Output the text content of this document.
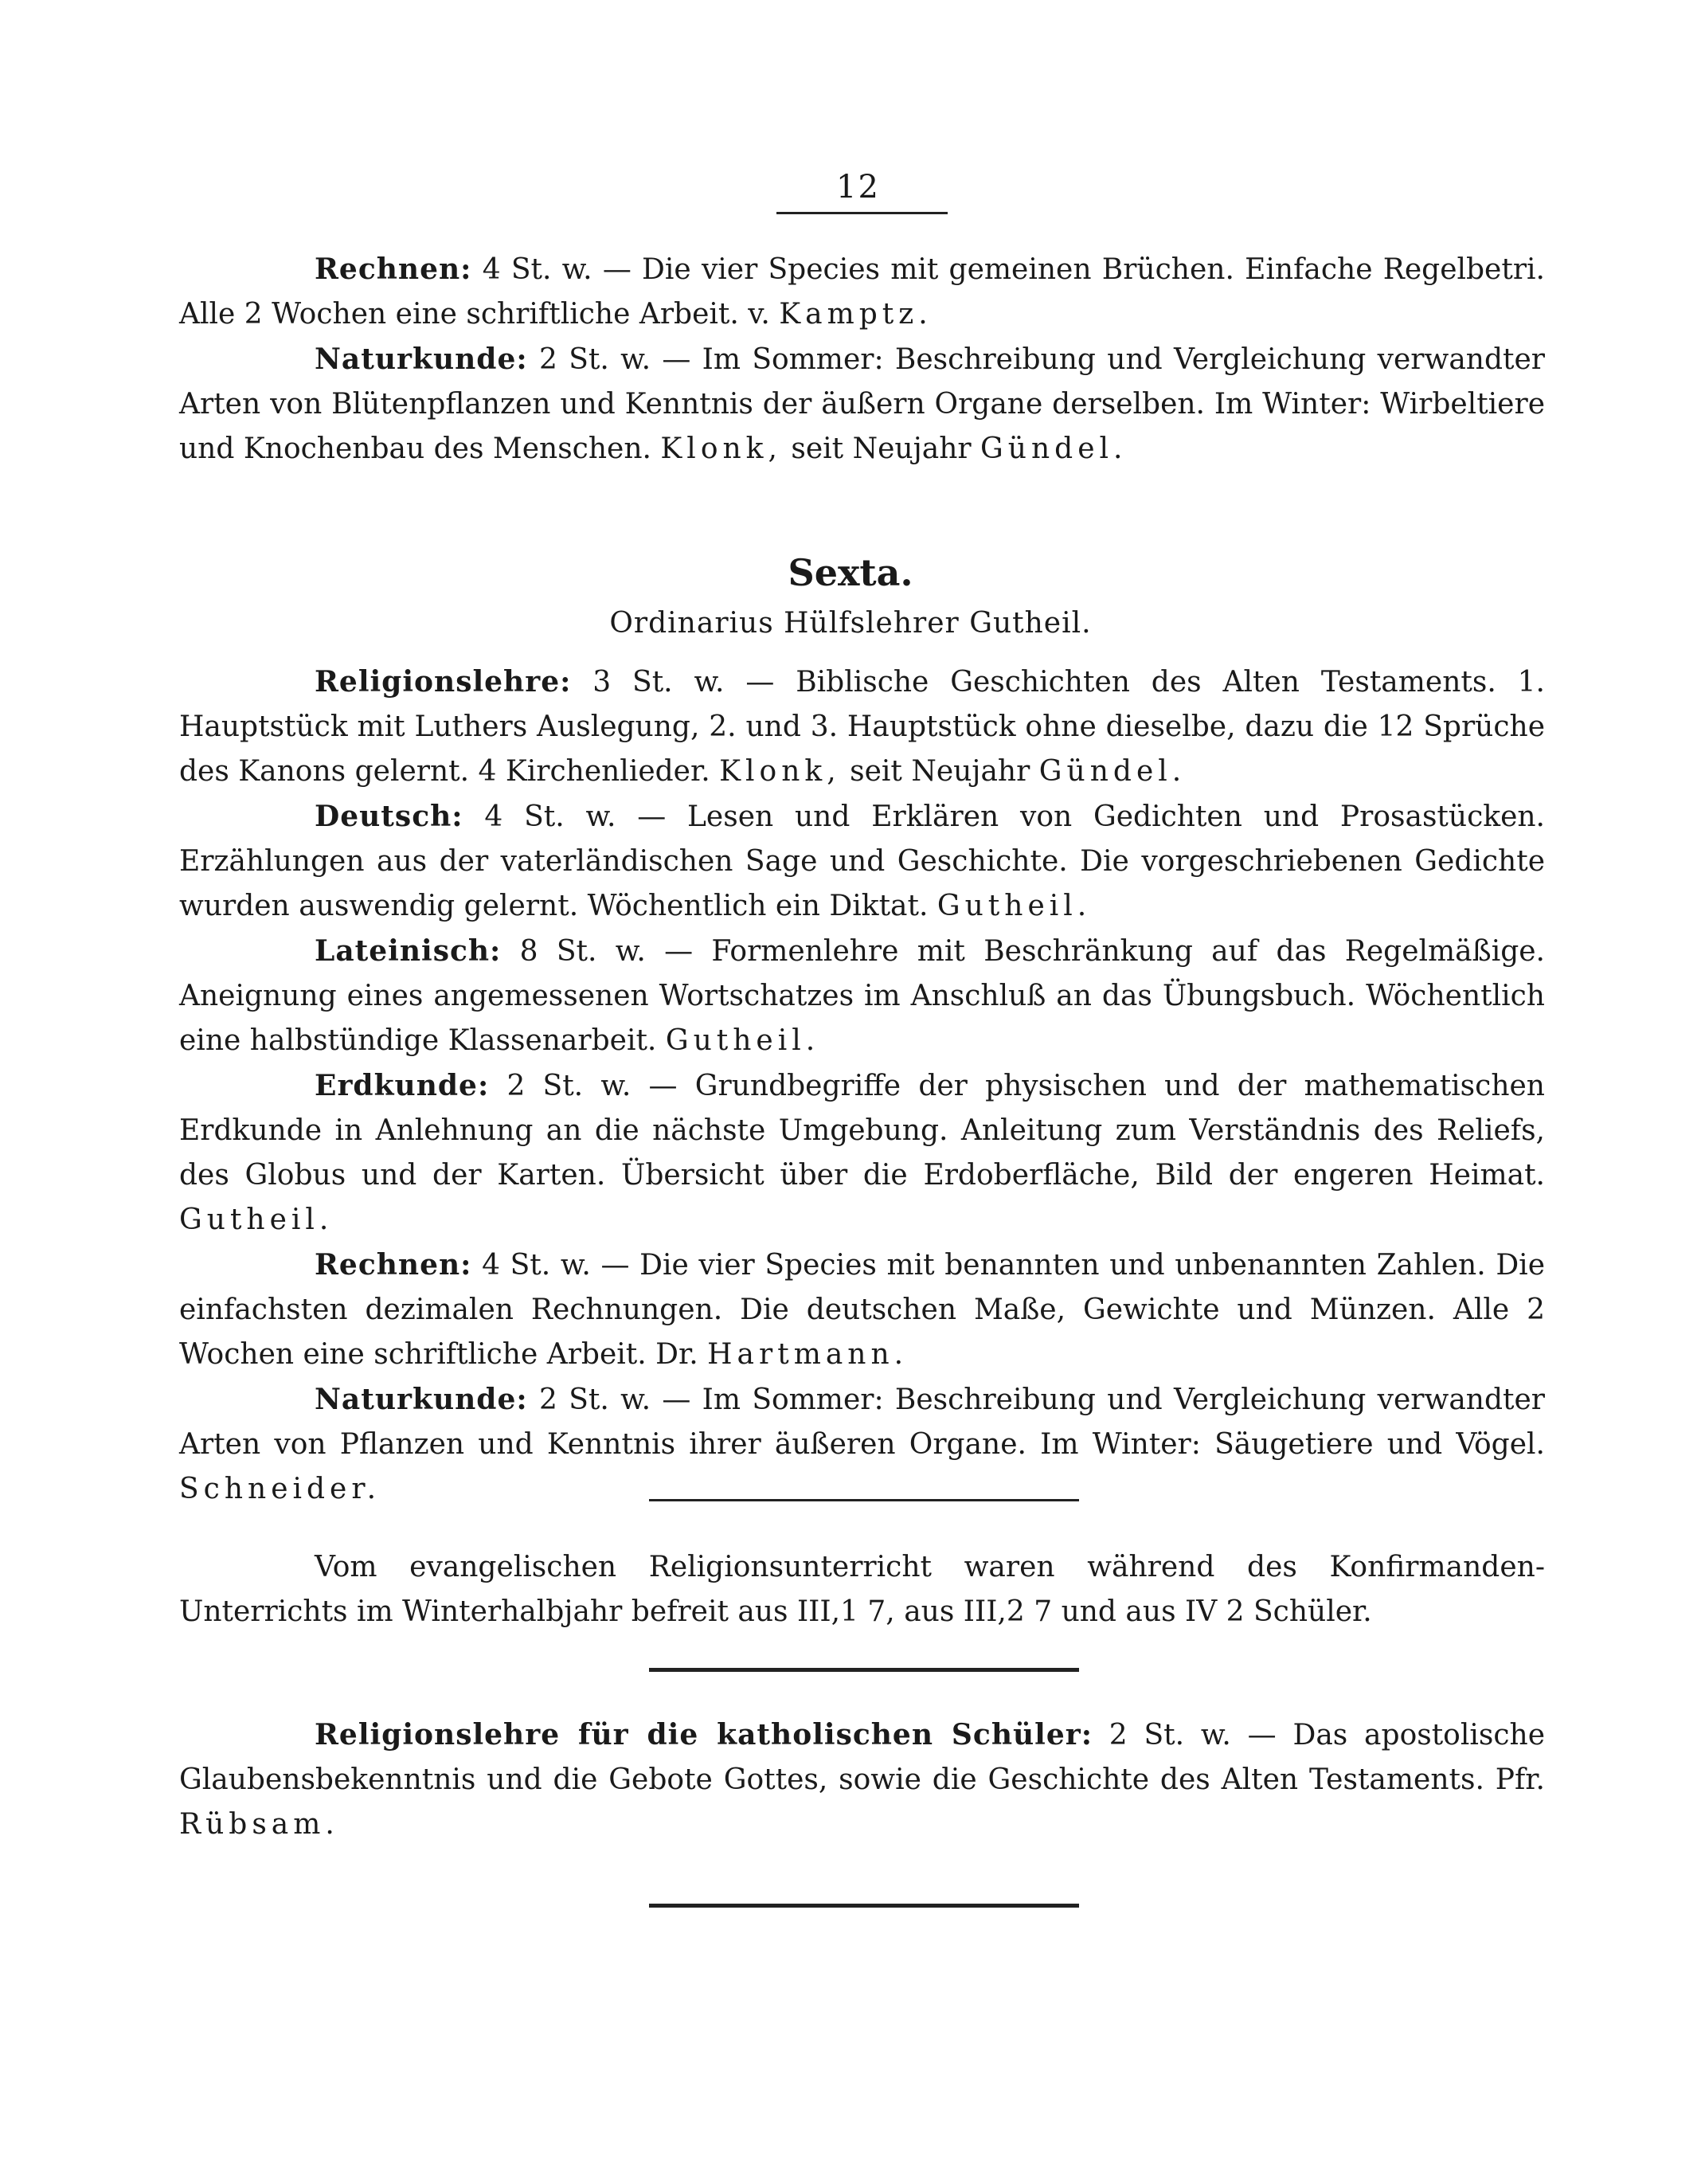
12

Rechnen: 4 St. w. — Die vier Species mit gemeinen Brüchen. Einfache Regelbetri. Alle 2 Wochen eine schriftliche Arbeit. v. Kamptz.

Naturkunde: 2 St. w. — Im Sommer: Beschreibung und Vergleichung verwandter Arten von Blütenpflanzen und Kenntnis der äußern Organe derselben. Im Winter: Wirbeltiere und Knochenbau des Menschen. Klonk, seit Neujahr Gündel.

Sexta.
Ordinarius Hülfslehrer Gutheil.

Religionslehre: 3 St. w. — Biblische Geschichten des Alten Testaments. 1. Hauptstück mit Luthers Auslegung, 2. und 3. Hauptstück ohne dieselbe, dazu die 12 Sprüche des Kanons gelernt. 4 Kirchenlieder. Klonk, seit Neujahr Gündel.

Deutsch: 4 St. w. — Lesen und Erklären von Gedichten und Prosastücken. Erzählungen aus der vaterländischen Sage und Geschichte. Die vorgeschriebenen Gedichte wurden auswendig gelernt. Wöchentlich ein Diktat. Gutheil.

Lateinisch: 8 St. w. — Formenlehre mit Beschränkung auf das Regelmäßige. Aneignung eines angemessenen Wortschatzes im Anschluß an das Übungsbuch. Wöchentlich eine halbstündige Klassenarbeit. Gutheil.

Erdkunde: 2 St. w. — Grundbegriffe der physischen und der mathematischen Erdkunde in Anlehnung an die nächste Umgebung. Anleitung zum Verständnis des Reliefs, des Globus und der Karten. Übersicht über die Erdoberfläche, Bild der engeren Heimat. Gutheil.

Rechnen: 4 St. w. — Die vier Species mit benannten und unbenannten Zahlen. Die einfachsten dezimalen Rechnungen. Die deutschen Maße, Gewichte und Münzen. Alle 2 Wochen eine schriftliche Arbeit. Dr. Hartmann.

Naturkunde: 2 St. w. — Im Sommer: Beschreibung und Vergleichung verwandter Arten von Pflanzen und Kenntnis ihrer äußeren Organe. Im Winter: Säugetiere und Vögel. Schneider.

Vom evangelischen Religionsunterricht waren während des Konfirmanden-Unterrichts im Winterhalbjahr befreit aus III,1 7, aus III,2 7 und aus IV 2 Schüler.

Religionslehre für die katholischen Schüler: 2 St. w. — Das apostolische Glaubensbekenntnis und die Gebote Gottes, sowie die Geschichte des Alten Testaments. Pfr. Rübsam.
